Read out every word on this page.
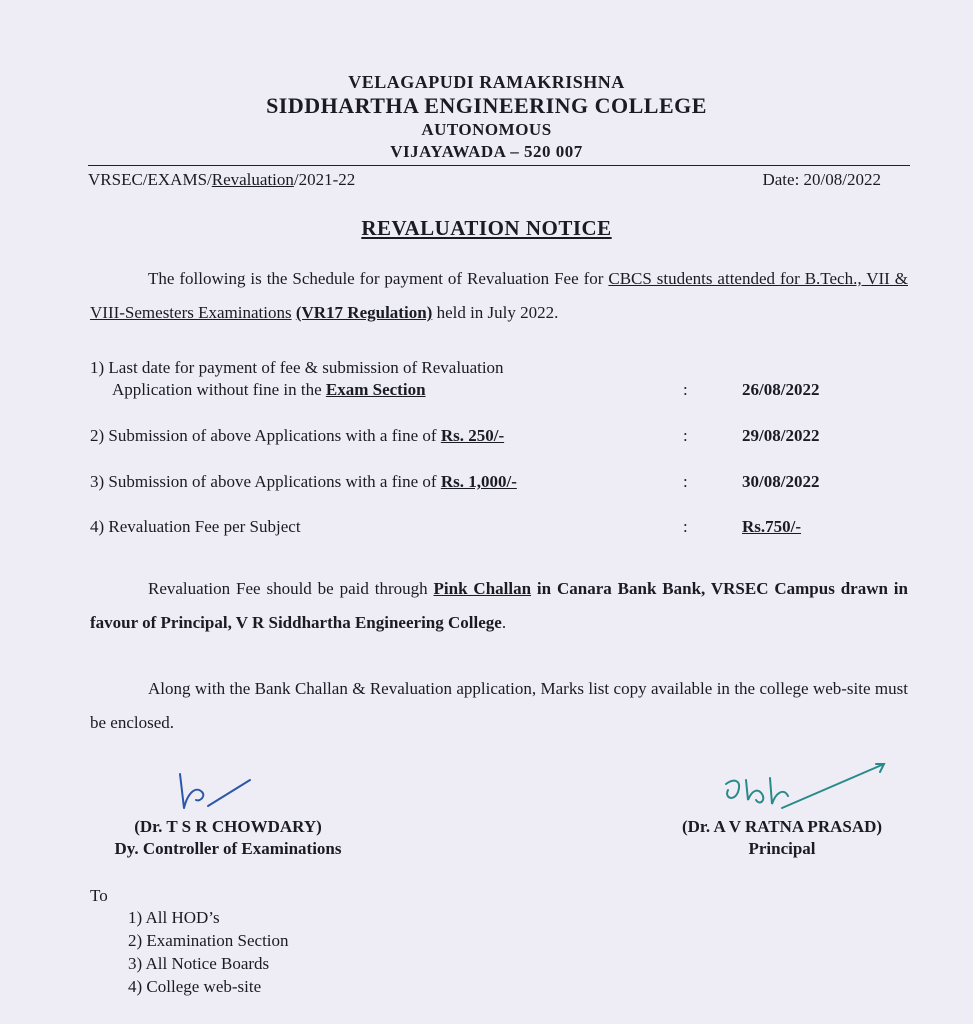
VELAGAPUDI RAMAKRISHNA
SIDDHARTHA ENGINEERING COLLEGE
AUTONOMOUS
VIJAYAWADA – 520 007
VRSEC/EXAMS/Revaluation/2021-22	Date: 20/08/2022
REVALUATION NOTICE
The following is the Schedule for payment of Revaluation Fee for CBCS students attended for B.Tech., VII & VIII-Semesters Examinations (VR17 Regulation) held in July 2022.
1) Last date for payment of fee & submission of Revaluation
Application without fine in the Exam Section	:	26/08/2022
2) Submission of above Applications with a fine of Rs. 250/-	:	29/08/2022
3) Submission of above Applications with a fine of Rs. 1,000/-	:	30/08/2022
4) Revaluation Fee per Subject	:	Rs.750/-
Revaluation Fee should be paid through Pink Challan in Canara Bank Bank, VRSEC Campus drawn in favour of Principal, V R Siddhartha Engineering College.
Along with the Bank Challan & Revaluation application, Marks list copy available in the college web-site must be enclosed.
(Dr. T S R CHOWDARY)
Dy. Controller of Examinations
(Dr. A V RATNA PRASAD)
Principal
To
1) All HOD’s
2) Examination Section
3) All Notice Boards
4) College web-site
